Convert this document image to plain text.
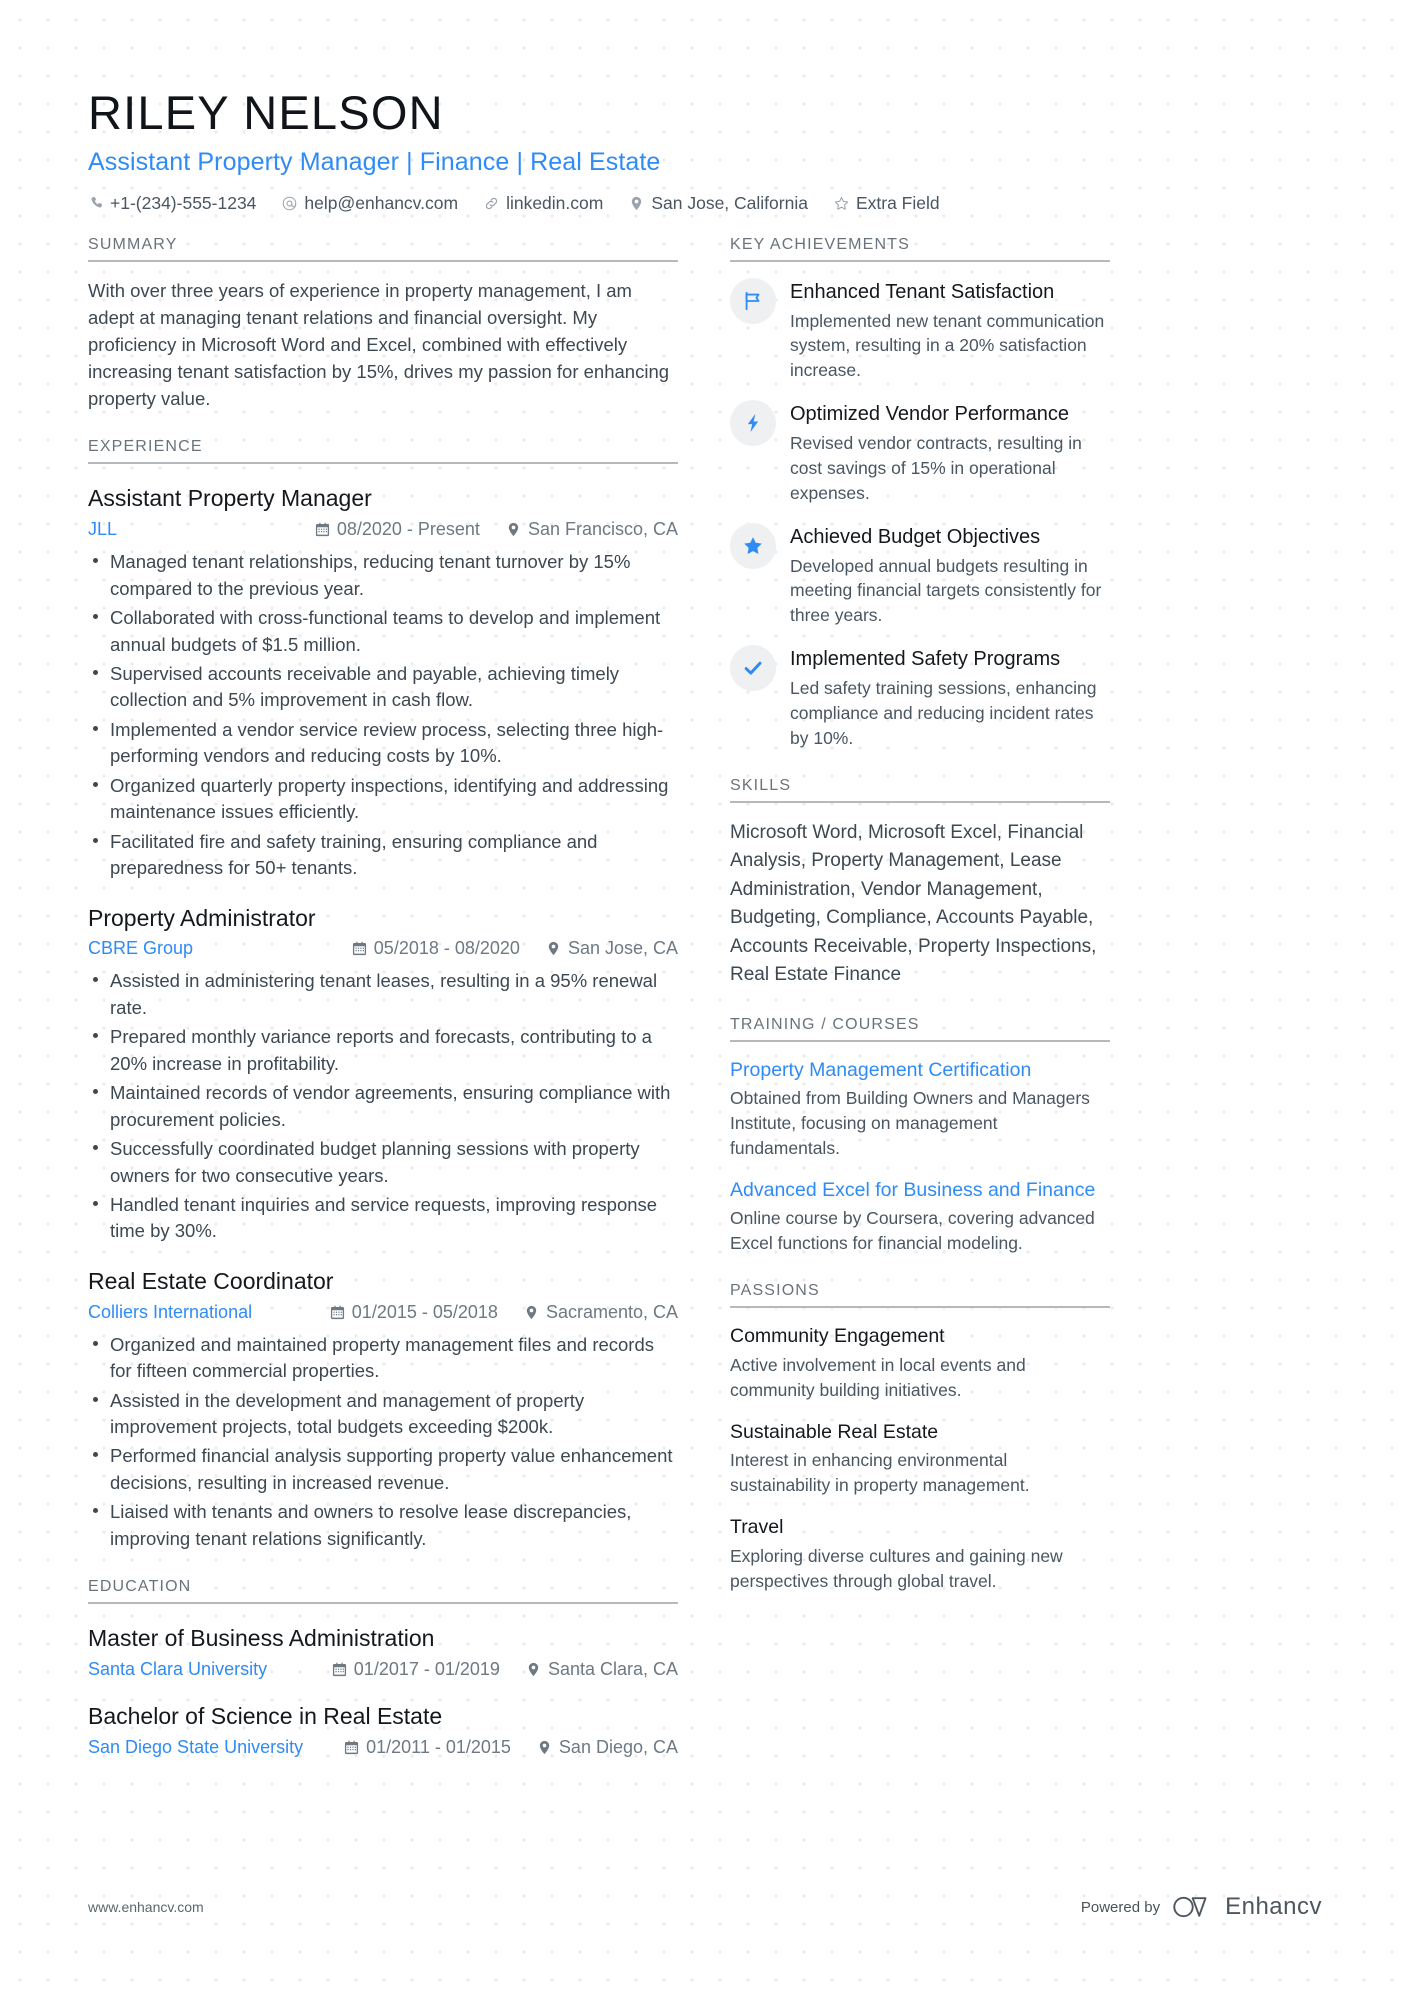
RILEY NELSON
Assistant Property Manager | Finance | Real Estate
+1-(234)-555-1234	help@enhancv.com	linkedin.com	San Jose, California	Extra Field
SUMMARY
With over three years of experience in property management, I am adept at managing tenant relations and financial oversight. My proficiency in Microsoft Word and Excel, combined with effectively increasing tenant satisfaction by 15%, drives my passion for enhancing property value.
EXPERIENCE
Assistant Property Manager
JLL	08/2020 - Present	San Francisco, CA
Managed tenant relationships, reducing tenant turnover by 15% compared to the previous year.
Collaborated with cross-functional teams to develop and implement annual budgets of $1.5 million.
Supervised accounts receivable and payable, achieving timely collection and 5% improvement in cash flow.
Implemented a vendor service review process, selecting three high-performing vendors and reducing costs by 10%.
Organized quarterly property inspections, identifying and addressing maintenance issues efficiently.
Facilitated fire and safety training, ensuring compliance and preparedness for 50+ tenants.
Property Administrator
CBRE Group	05/2018 - 08/2020	San Jose, CA
Assisted in administering tenant leases, resulting in a 95% renewal rate.
Prepared monthly variance reports and forecasts, contributing to a 20% increase in profitability.
Maintained records of vendor agreements, ensuring compliance with procurement policies.
Successfully coordinated budget planning sessions with property owners for two consecutive years.
Handled tenant inquiries and service requests, improving response time by 30%.
Real Estate Coordinator
Colliers International	01/2015 - 05/2018	Sacramento, CA
Organized and maintained property management files and records for fifteen commercial properties.
Assisted in the development and management of property improvement projects, total budgets exceeding $200k.
Performed financial analysis supporting property value enhancement decisions, resulting in increased revenue.
Liaised with tenants and owners to resolve lease discrepancies, improving tenant relations significantly.
EDUCATION
Master of Business Administration
Santa Clara University	01/2017 - 01/2019	Santa Clara, CA
Bachelor of Science in Real Estate
San Diego State University	01/2011 - 01/2015	San Diego, CA
KEY ACHIEVEMENTS
Enhanced Tenant Satisfaction
Implemented new tenant communication system, resulting in a 20% satisfaction increase.
Optimized Vendor Performance
Revised vendor contracts, resulting in cost savings of 15% in operational expenses.
Achieved Budget Objectives
Developed annual budgets resulting in meeting financial targets consistently for three years.
Implemented Safety Programs
Led safety training sessions, enhancing compliance and reducing incident rates by 10%.
SKILLS
Microsoft Word, Microsoft Excel, Financial Analysis, Property Management, Lease Administration, Vendor Management, Budgeting, Compliance, Accounts Payable, Accounts Receivable, Property Inspections, Real Estate Finance
TRAINING / COURSES
Property Management Certification
Obtained from Building Owners and Managers Institute, focusing on management fundamentals.
Advanced Excel for Business and Finance
Online course by Coursera, covering advanced Excel functions for financial modeling.
PASSIONS
Community Engagement
Active involvement in local events and community building initiatives.
Sustainable Real Estate
Interest in enhancing environmental sustainability in property management.
Travel
Exploring diverse cultures and gaining new perspectives through global travel.
www.enhancv.com	Powered by	Enhancv
